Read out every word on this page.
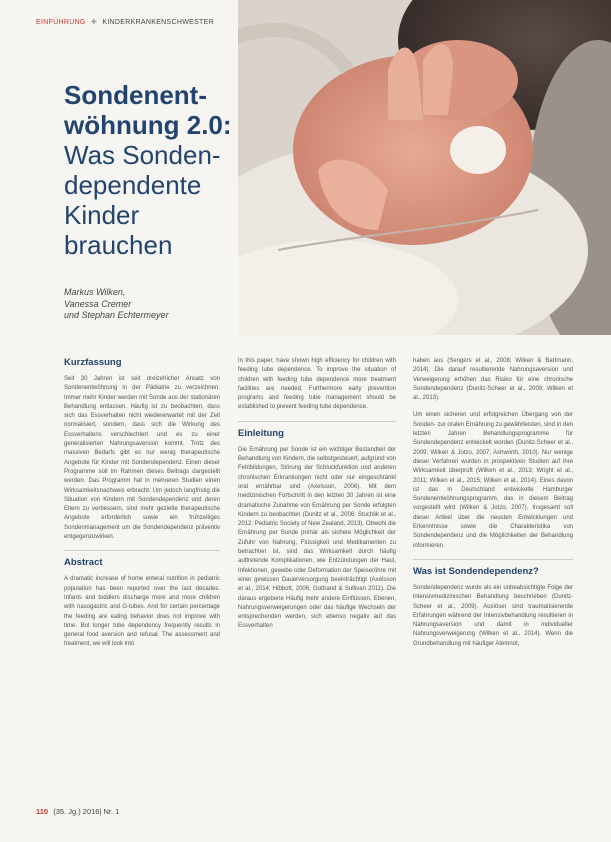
EINFÜHRUNG ✚ KINDERKRANKENSCHWESTER
Sondenent-
wöhnung 2.0:
Was Sonden-
dependente
Kinder
brauchen
Markus Wilken,
Vanessa Cremer
und Stephan Echtermeyer
Kurzfassung

Seit 30 Jahren ist seit dreizehicher Ansatz von Sondenentwöhnung in der Pädiatrie zu verzeichnen. Immer mehr Kinder werden mit Sonde aus der stationären Behandlung entlassen. Häufig ist zu beobachten, dass sich das Essverhalten nicht wiedererwartet mit der Zeit normalisiert, sondern, dass sich die Wirkung des Essverhaltens verschlechtert und es zu einer generalisierten Nahrungsaversion kommt. Trotz des massiven Bedarfs gibt es nur wenig therapeutische Angebote für Kinder mit Sondendependenz. Einen dieser Programme soll im Rahmen dieses Beitrags dargestellt werden. Das Programm hat in mehreren Studien einen Wirksamkeitsnachweis erbracht. Um jedoch langfristig die Situation von Kindern mit Sondendependenz und deren Eltern zu verbessern, sind mehr gezielte therapeutische Angebote erforderlich sowie ein frühzeitiges Sondenmanagement um die Sondendependenz präventiv entgegenzuwirken.

Abstract

A dramatic increase of home enteral nutrition in pediatric population has been reported over the last decades. Infants and toddlers discharge more and more children with nasogastric and G-tubes. And for certain percentage the feeding are eating behavior does not improve with time. But longer tube dependency frequently results in general food aversion and refusal. The assessment and treatment, we will look into

In this paper, have shown high efficiency for children with feeding tube dependence. To improve the situation of children with feeding tube dependence more treatment facilities are needed. Furthermore early prevention programs and feeding tube management should be established to prevent feeding tube dependence.

Einleitung

Die Ernährung per Sonde ist ein wichtiger Bestandteil der Behandlung von Kindern, die selbstgesteuert, aufgrund von Fehlbildungen, Störung der Schluckfunktion und anderen chronischen Erkrankungen nicht oder nur eingeschränkt oral ernährbar sind (Axelsson, 2006). Mit dem medizinischen Fortschritt in den letzten 30 Jahren ist eine dramatische Zunahme von Ernährung per Sonde erfolgten Kindern zu beobachten (Dunitz et al., 2006; Stuchlik et al., 2012; Pediatric Society of New Zealand, 2013). Obwohl die Ernährung per Sonde primär als sichere Möglichkeit der Zufuhr von Nahrung, Flüssigkeit und Medikamenten zu betrachten ist, sind das Wirksamkeit durch häufig auftretende Komplikationen, wie Entzündungen der Haut, Infektionen, gewebe oder Deformation der Speiseröhre mit einer gewissen Dauerversorgung beeinträchtigt (Axelsson et al., 2014; Hibbott, 2006; Gottrand & Sullivan 2011). Die daraus ergebene Häufig mehr andere Einflüssen, Ebenen, Nahrungsverweigerungen oder das häufige Wechseln der entsprechenden werden, sich ebenso negativ auf das Essverhalten

haben aus (Sengers et al., 2008; Wilken & Bartmann, 2014). Die darauf resultierende Nahrungsaversion und Verweigerung erhöhen das Risiko für eine chronische Sondendependenz (Dunitz-Scheer et al., 2009; Wilken et al., 2013).

Um einen sicheren und erfolgreichen Übergang von der Sonden- zur oralen Ernährung zu gewährleisten, sind in den letzten Jahren Behandlungsprogramme für Sondendependenz entwickelt worden (Dunitz-Scheer et al., 2009; Wilken & Jotzo, 2007; Ashworth, 2010). Nur wenige dieser Verfahren wurden in prospektiven Studien auf ihre Wirksamkeit überprüft (Wilken et al., 2013; Wright et al., 2011; Wilken et al., 2015; Wilken et al., 2014). Eines davon ist das in Deutschland entwickelte Hamburger Sondenentwöhnungsprogramm, das in diesem Beitrag vorgestellt wird (Wilken & Jotzo, 2007). Insgesamt soll dieser Artikel über die neusten Entwicklungen und Erkenntnisse sowie die Charakteristika von Sondendependenz und die Möglichkeiten der Behandlung informieren.

Was ist Sondendependenz?

Sondendependenz wurde als ein unbeabsichtigte Folge der intensivmedizinischen Behandlung beschrieben (Dunitz-Scheer et al., 2009). Auslöser sind traumatisierende Erfahrungen während der Intensivbehandlung resultieren in Nahrungsaversion und damit in individueller Nahrungsverweigerung (Wilken et al., 2014). Wenn die Grundbehandlung mit häufiger Atemnot,

110 (35. Jg.) 2016| Nr. 1
